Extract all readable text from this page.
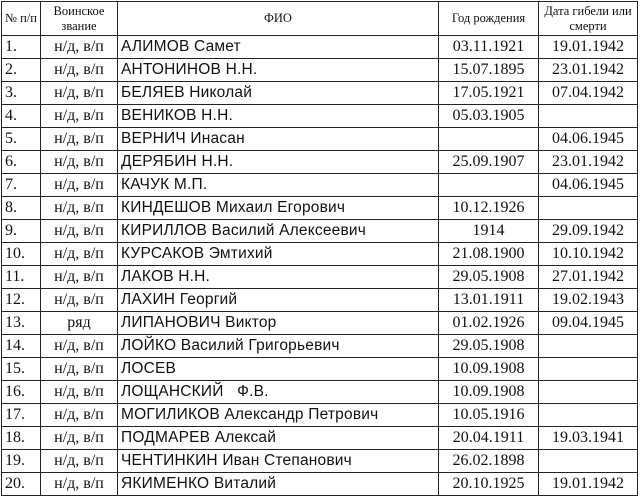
№ п/п	Воинское звание	ФИО	Год рождения	Дата гибели или смерти
1.	н/д, в/п	АЛИМОВ Самет	03.11.1921	19.01.1942
2.	н/д, в/п	АНТОНИНОВ Н.Н.	15.07.1895	23.01.1942
3.	н/д, в/п	БЕЛЯЕВ Николай	17.05.1921	07.04.1942
4.	н/д, в/п	ВЕНИКОВ Н.Н.	05.03.1905	
5.	н/д, в/п	ВЕРНИЧ Инасан		04.06.1945
6.	н/д, в/п	ДЕРЯБИН Н.Н.	25.09.1907	23.01.1942
7.	н/д, в/п	КАЧУК М.П.		04.06.1945
8.	н/д, в/п	КИНДЕШОВ Михаил Егорович	10.12.1926	
9.	н/д, в/п	КИРИЛЛОВ Василий Алексеевич	1914	29.09.1942
10.	н/д, в/п	КУРСАКОВ Эмтихий	21.08.1900	10.10.1942
11.	н/д, в/п	ЛАКОВ Н.Н.	29.05.1908	27.01.1942
12.	н/д, в/п	ЛАХИН Георгий	13.01.1911	19.02.1943
13.	ряд	ЛИПАНОВИЧ Виктор	01.02.1926	09.04.1945
14.	н/д, в/п	ЛОЙКО Василий Григорьевич	29.05.1908	
15.	н/д, в/п	ЛОСЕВ	10.09.1908	
16.	н/д, в/п	ЛОЩАНСКИЙ   Ф.В.	10.09.1908	
17.	н/д, в/п	МОГИЛИКОВ Александр Петрович	10.05.1916	
18.	н/д, в/п	ПОДМАРЕВ Алексай	20.04.1911	19.03.1941
19.	н/д, в/п	ЧЕНТИНКИН Иван Степанович	26.02.1898	
20.	н/д, в/п	ЯКИМЕНКО Виталий	20.10.1925	19.01.1942
